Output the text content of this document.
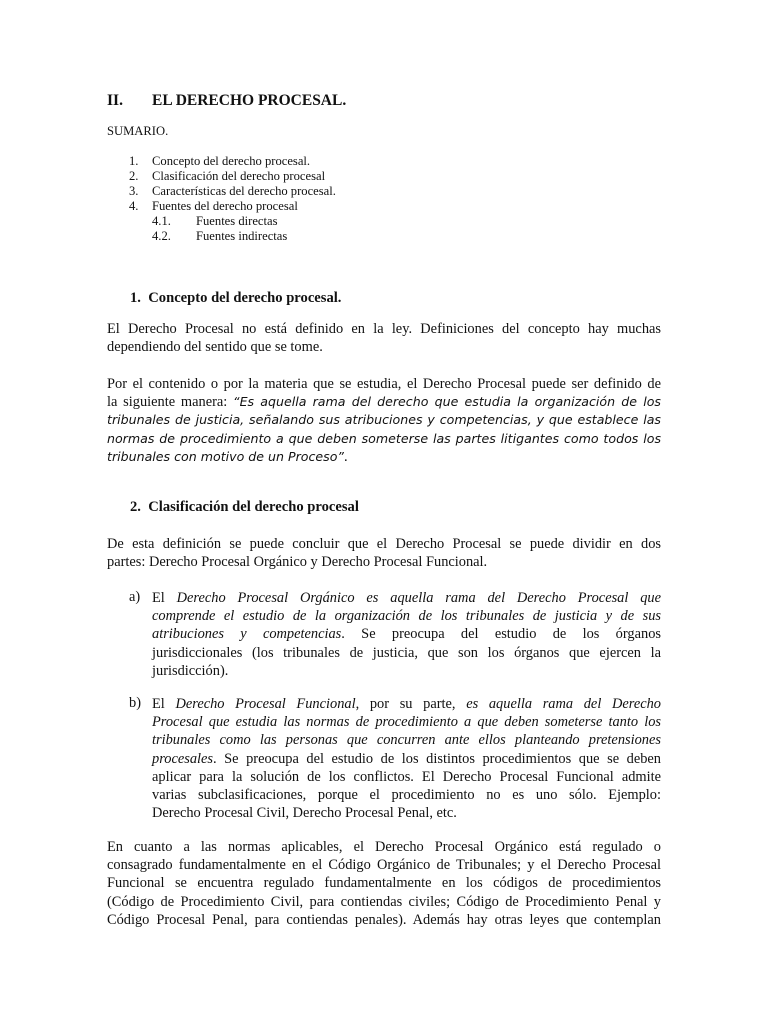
II. EL DERECHO PROCESAL.
SUMARIO.
1. Concepto del derecho procesal.
2. Clasificación del derecho procesal
3. Características del derecho procesal.
4. Fuentes del derecho procesal
4.1. Fuentes directas
4.2. Fuentes indirectas
1.  Concepto del derecho procesal.
El Derecho Procesal no está definido en la ley. Definiciones del concepto hay muchas
dependiendo del sentido que se tome.
Por el contenido o por la materia que se estudia, el Derecho Procesal puede ser definido de
la siguiente manera: “Es aquella rama del derecho que estudia la organización de los
tribunales de justicia, señalando sus atribuciones y competencias, y que establece las
normas de procedimiento a que deben someterse las partes litigantes como todos los
tribunales con motivo de un Proceso”.
2.  Clasificación del derecho procesal
De esta definición se puede concluir que el Derecho Procesal se puede dividir en dos
partes: Derecho Procesal Orgánico y Derecho Procesal Funcional.
a) El Derecho Procesal Orgánico es aquella rama del Derecho Procesal que
comprende el estudio de la organización de los tribunales de justicia y de sus
atribuciones y competencias. Se preocupa del estudio de los órganos
jurisdiccionales (los tribunales de justicia, que son los órganos que ejercen la
jurisdicción).
b) El Derecho Procesal Funcional, por su parte, es aquella rama del Derecho
Procesal que estudia las normas de procedimiento a que deben someterse tanto los
tribunales como las personas que concurren ante ellos planteando pretensiones
procesales. Se preocupa del estudio de los distintos procedimientos que se deben
aplicar para la solución de los conflictos. El Derecho Procesal Funcional admite
varias subclasificaciones, porque el procedimiento no es uno sólo. Ejemplo:
Derecho Procesal Civil, Derecho Procesal Penal, etc.
En cuanto a las normas aplicables, el Derecho Procesal Orgánico está regulado o
consagrado fundamentalmente en el Código Orgánico de Tribunales; y el Derecho Procesal
Funcional se encuentra regulado fundamentalmente en los códigos de procedimientos
(Código de Procedimiento Civil, para contiendas civiles; Código de Procedimiento Penal y
Código Procesal Penal, para contiendas penales). Además hay otras leyes que contemplan
